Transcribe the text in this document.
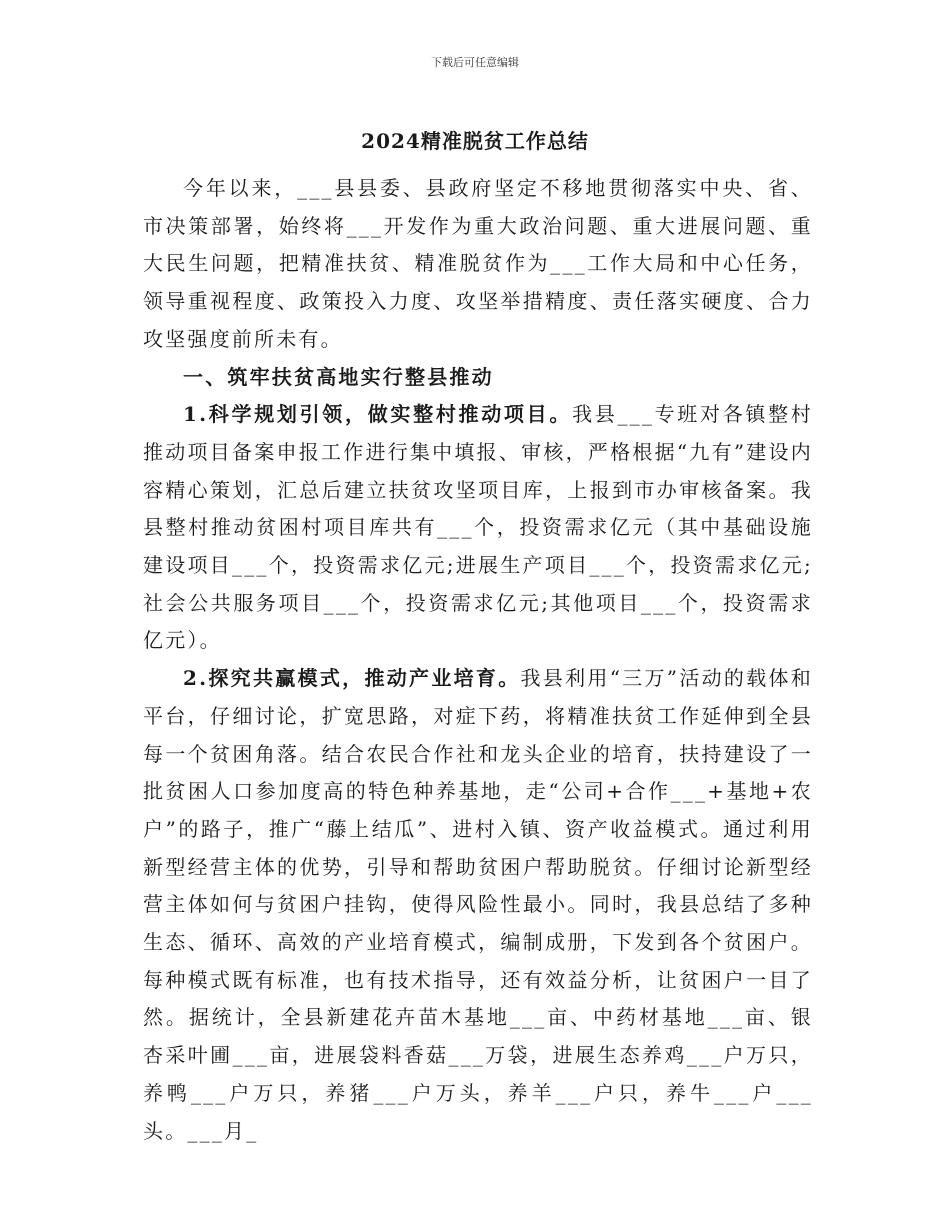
下载后可任意编辑
2024精准脱贫工作总结

今年以来，___县县委、县政府坚定不移地贯彻落实中央、省、市决策部署，始终将___开发作为重大政治问题、重大进展问题、重大民生问题，把精准扶贫、精准脱贫作为___工作大局和中心任务，领导重视程度、政策投入力度、攻坚举措精度、责任落实硬度、合力攻坚强度前所未有。

一、筑牢扶贫高地实行整县推动

1.科学规划引领，做实整村推动项目。我县___专班对各镇整村推动项目备案申报工作进行集中填报、审核，严格根据“九有”建设内容精心策划，汇总后建立扶贫攻坚项目库，上报到市办审核备案。我县整村推动贫困村项目库共有___个，投资需求亿元（其中基础设施建设项目___个，投资需求亿元;进展生产项目___个，投资需求亿元;社会公共服务项目___个，投资需求亿元;其他项目___个，投资需求亿元）。

2.探究共赢模式，推动产业培育。我县利用“三万”活动的载体和平台，仔细讨论，扩宽思路，对症下药，将精准扶贫工作延伸到全县每一个贫困角落。结合农民合作社和龙头企业的培育，扶持建设了一批贫困人口参加度高的特色种养基地，走“公司+合作___+基地+农户”的路子，推广“藤上结瓜”、进村入镇、资产收益模式。通过利用新型经营主体的优势，引导和帮助贫困户帮助脱贫。仔细讨论新型经营主体如何与贫困户挂钩，使得风险性最小。同时，我县总结了多种生态、循环、高效的产业培育模式，编制成册，下发到各个贫困户。每种模式既有标准，也有技术指导，还有效益分析，让贫困户一目了然。据统计，全县新建花卉苗木基地___亩、中药材基地___亩、银杏采叶圃___亩，进展袋料香菇___万袋，进展生态养鸡___户万只，养鸭___户万只，养猪___户万头，养羊___户只，养牛___户___头。___月_
